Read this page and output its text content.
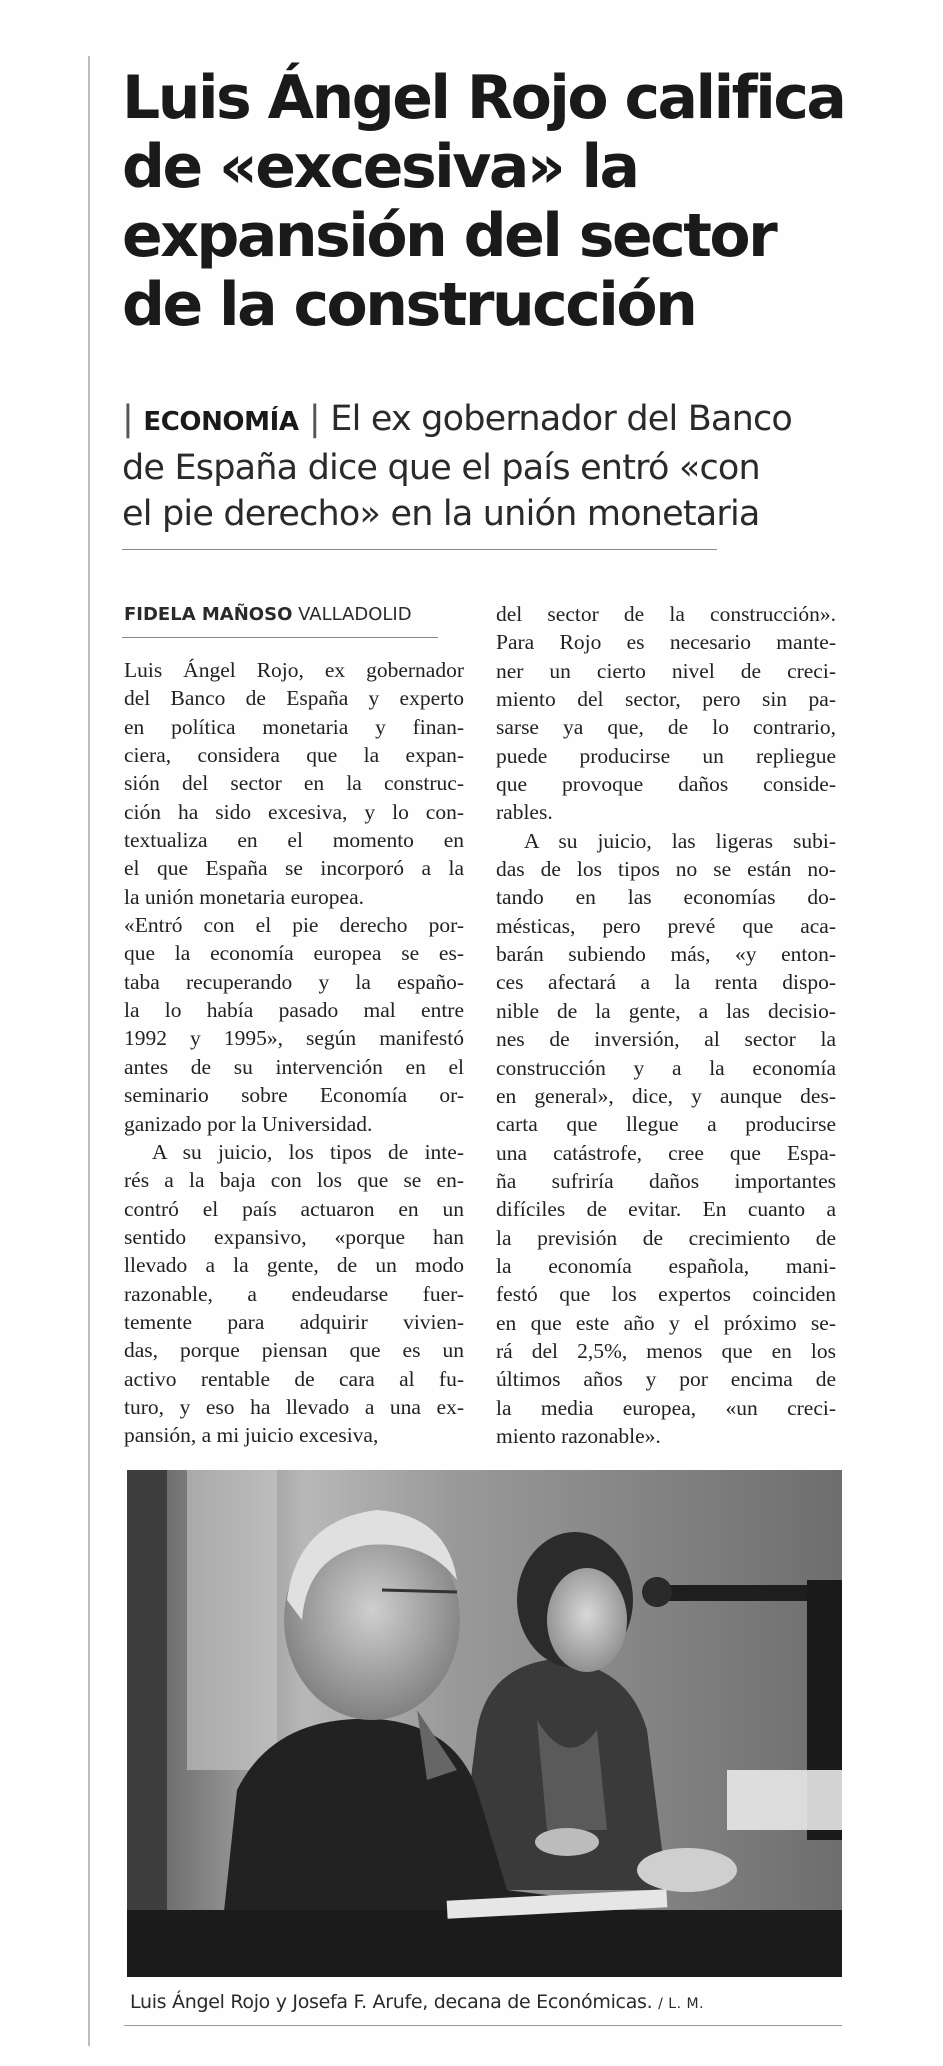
Luis Ángel Rojo califica
de «excesiva» la
expansión del sector
de la construcción
| ECONOMÍA | El ex gobernador del Banco
de España dice que el país entró «con
el pie derecho» en la unión monetaria
FIDELA MAÑOSO VALLADOLID
Luis Ángel Rojo, ex gobernador
del Banco de España y experto
en política monetaria y finan-
ciera, considera que la expan-
sión del sector en la construc-
ción ha sido excesiva, y lo con-
textualiza en el momento en
el que España se incorporó a la
la unión monetaria europea.
«Entró con el pie derecho por-
que la economía europea se es-
taba recuperando y la españo-
la lo había pasado mal entre
1992 y 1995», según manifestó
antes de su intervención en el
seminario sobre Economía or-
ganizado por la Universidad.
A su juicio, los tipos de inte-
rés a la baja con los que se en-
contró el país actuaron en un
sentido expansivo, «porque han
llevado a la gente, de un modo
razonable, a endeudarse fuer-
temente para adquirir vivien-
das, porque piensan que es un
activo rentable de cara al fu-
turo, y eso ha llevado a una ex-
pansión, a mi juicio excesiva,
del sector de la construcción».
Para Rojo es necesario mante-
ner un cierto nivel de creci-
miento del sector, pero sin pa-
sarse ya que, de lo contrario,
puede producirse un repliegue
que provoque daños conside-
rables.
A su juicio, las ligeras subi-
das de los tipos no se están no-
tando en las economías do-
mésticas, pero prevé que aca-
barán subiendo más, «y enton-
ces afectará a la renta dispo-
nible de la gente, a las decisio-
nes de inversión, al sector la
construcción y a la economía
en general», dice, y aunque des-
carta que llegue a producirse
una catástrofe, cree que Espa-
ña sufriría daños importantes
difíciles de evitar. En cuanto a
la previsión de crecimiento de
la economía española, mani-
festó que los expertos coinciden
en que este año y el próximo se-
rá del 2,5%, menos que en los
últimos años y por encima de
la media europea, «un creci-
miento razonable».
Luis Ángel Rojo y Josefa F. Arufe, decana de Económicas. / L. M.
